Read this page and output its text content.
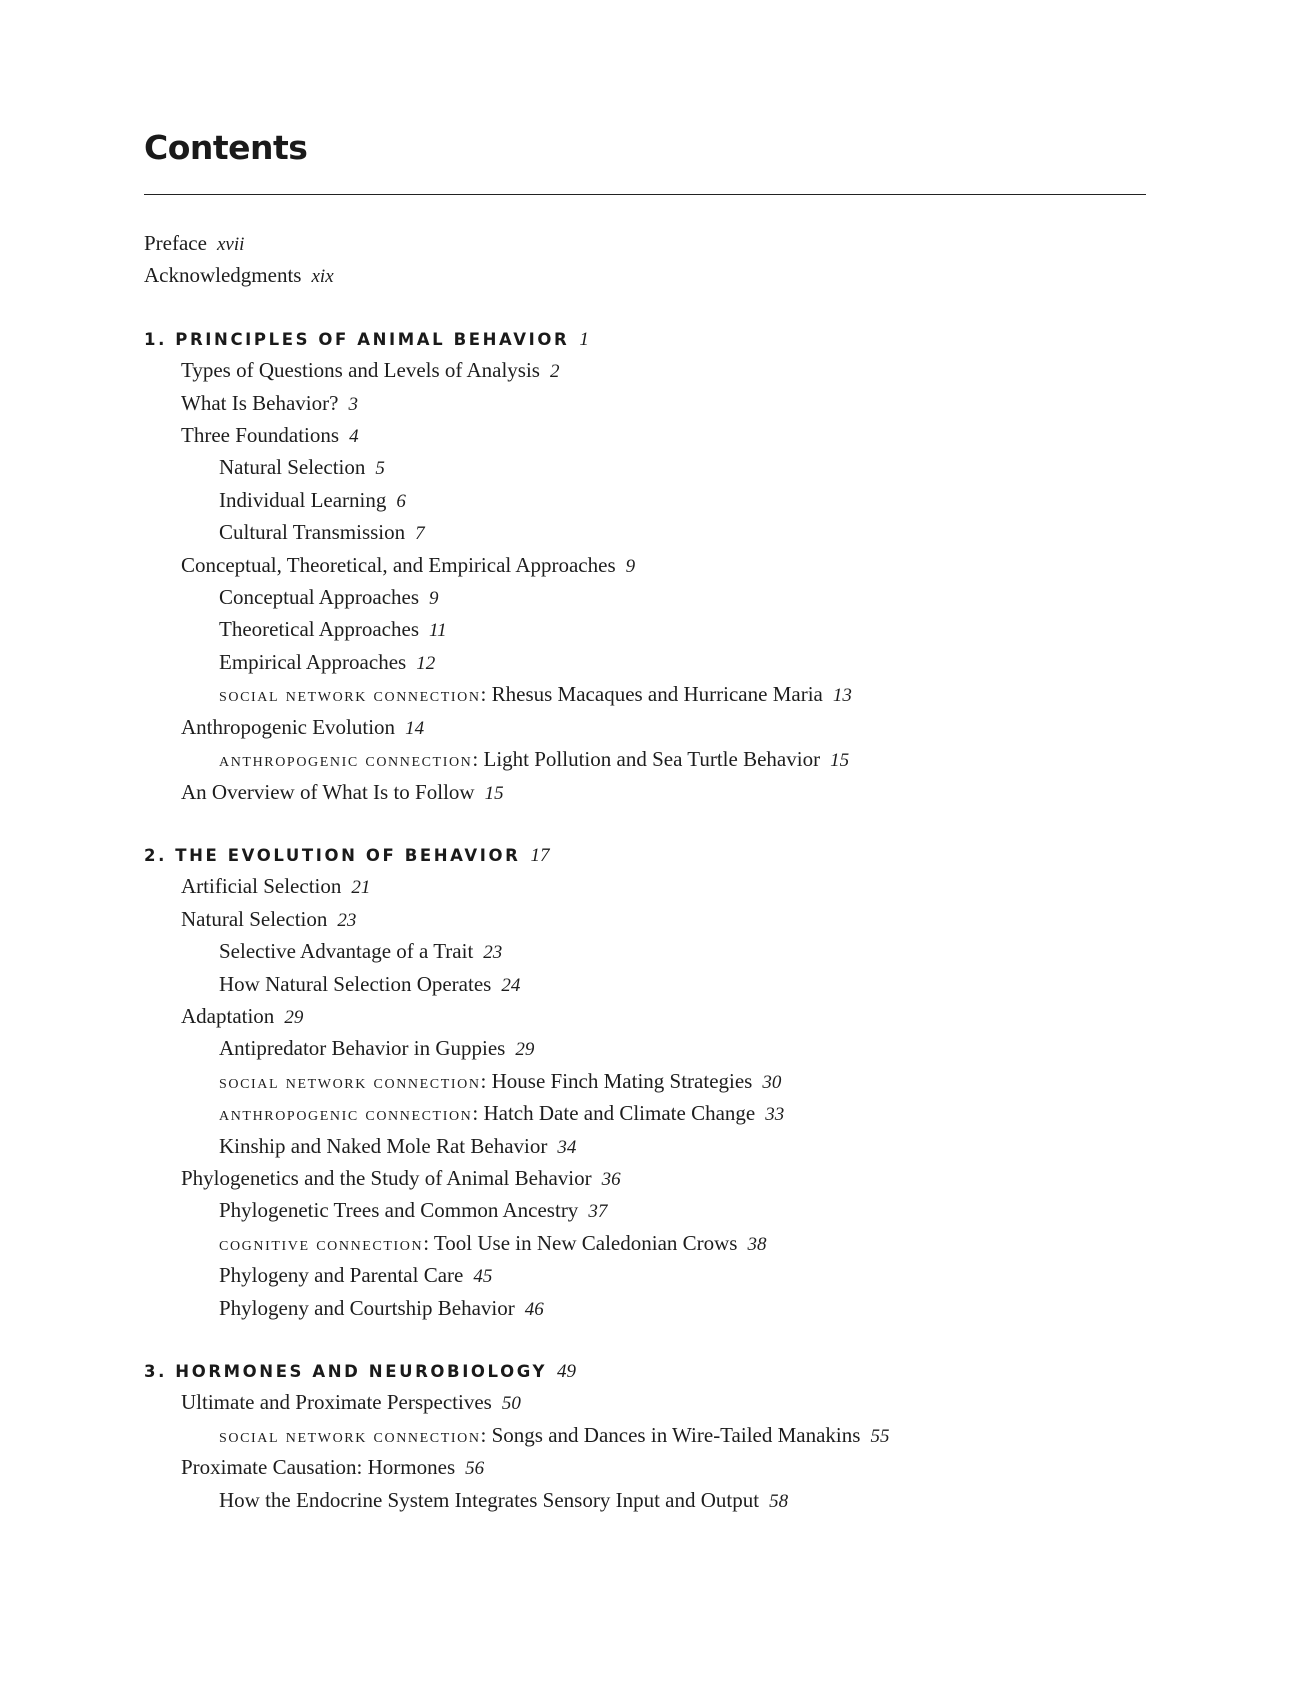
Contents
Preface xvii
Acknowledgments xix
1. PRINCIPLES OF ANIMAL BEHAVIOR 1
Types of Questions and Levels of Analysis 2
What Is Behavior? 3
Three Foundations 4
Natural Selection 5
Individual Learning 6
Cultural Transmission 7
Conceptual, Theoretical, and Empirical Approaches 9
Conceptual Approaches 9
Theoretical Approaches 11
Empirical Approaches 12
social network connection: Rhesus Macaques and Hurricane Maria 13
Anthropogenic Evolution 14
anthropogenic connection: Light Pollution and Sea Turtle Behavior 15
An Overview of What Is to Follow 15
2. THE EVOLUTION OF BEHAVIOR 17
Artificial Selection 21
Natural Selection 23
Selective Advantage of a Trait 23
How Natural Selection Operates 24
Adaptation 29
Antipredator Behavior in Guppies 29
social network connection: House Finch Mating Strategies 30
anthropogenic connection: Hatch Date and Climate Change 33
Kinship and Naked Mole Rat Behavior 34
Phylogenetics and the Study of Animal Behavior 36
Phylogenetic Trees and Common Ancestry 37
cognitive connection: Tool Use in New Caledonian Crows 38
Phylogeny and Parental Care 45
Phylogeny and Courtship Behavior 46
3. HORMONES AND NEUROBIOLOGY 49
Ultimate and Proximate Perspectives 50
social network connection: Songs and Dances in Wire-Tailed Manakins 55
Proximate Causation: Hormones 56
How the Endocrine System Integrates Sensory Input and Output 58
